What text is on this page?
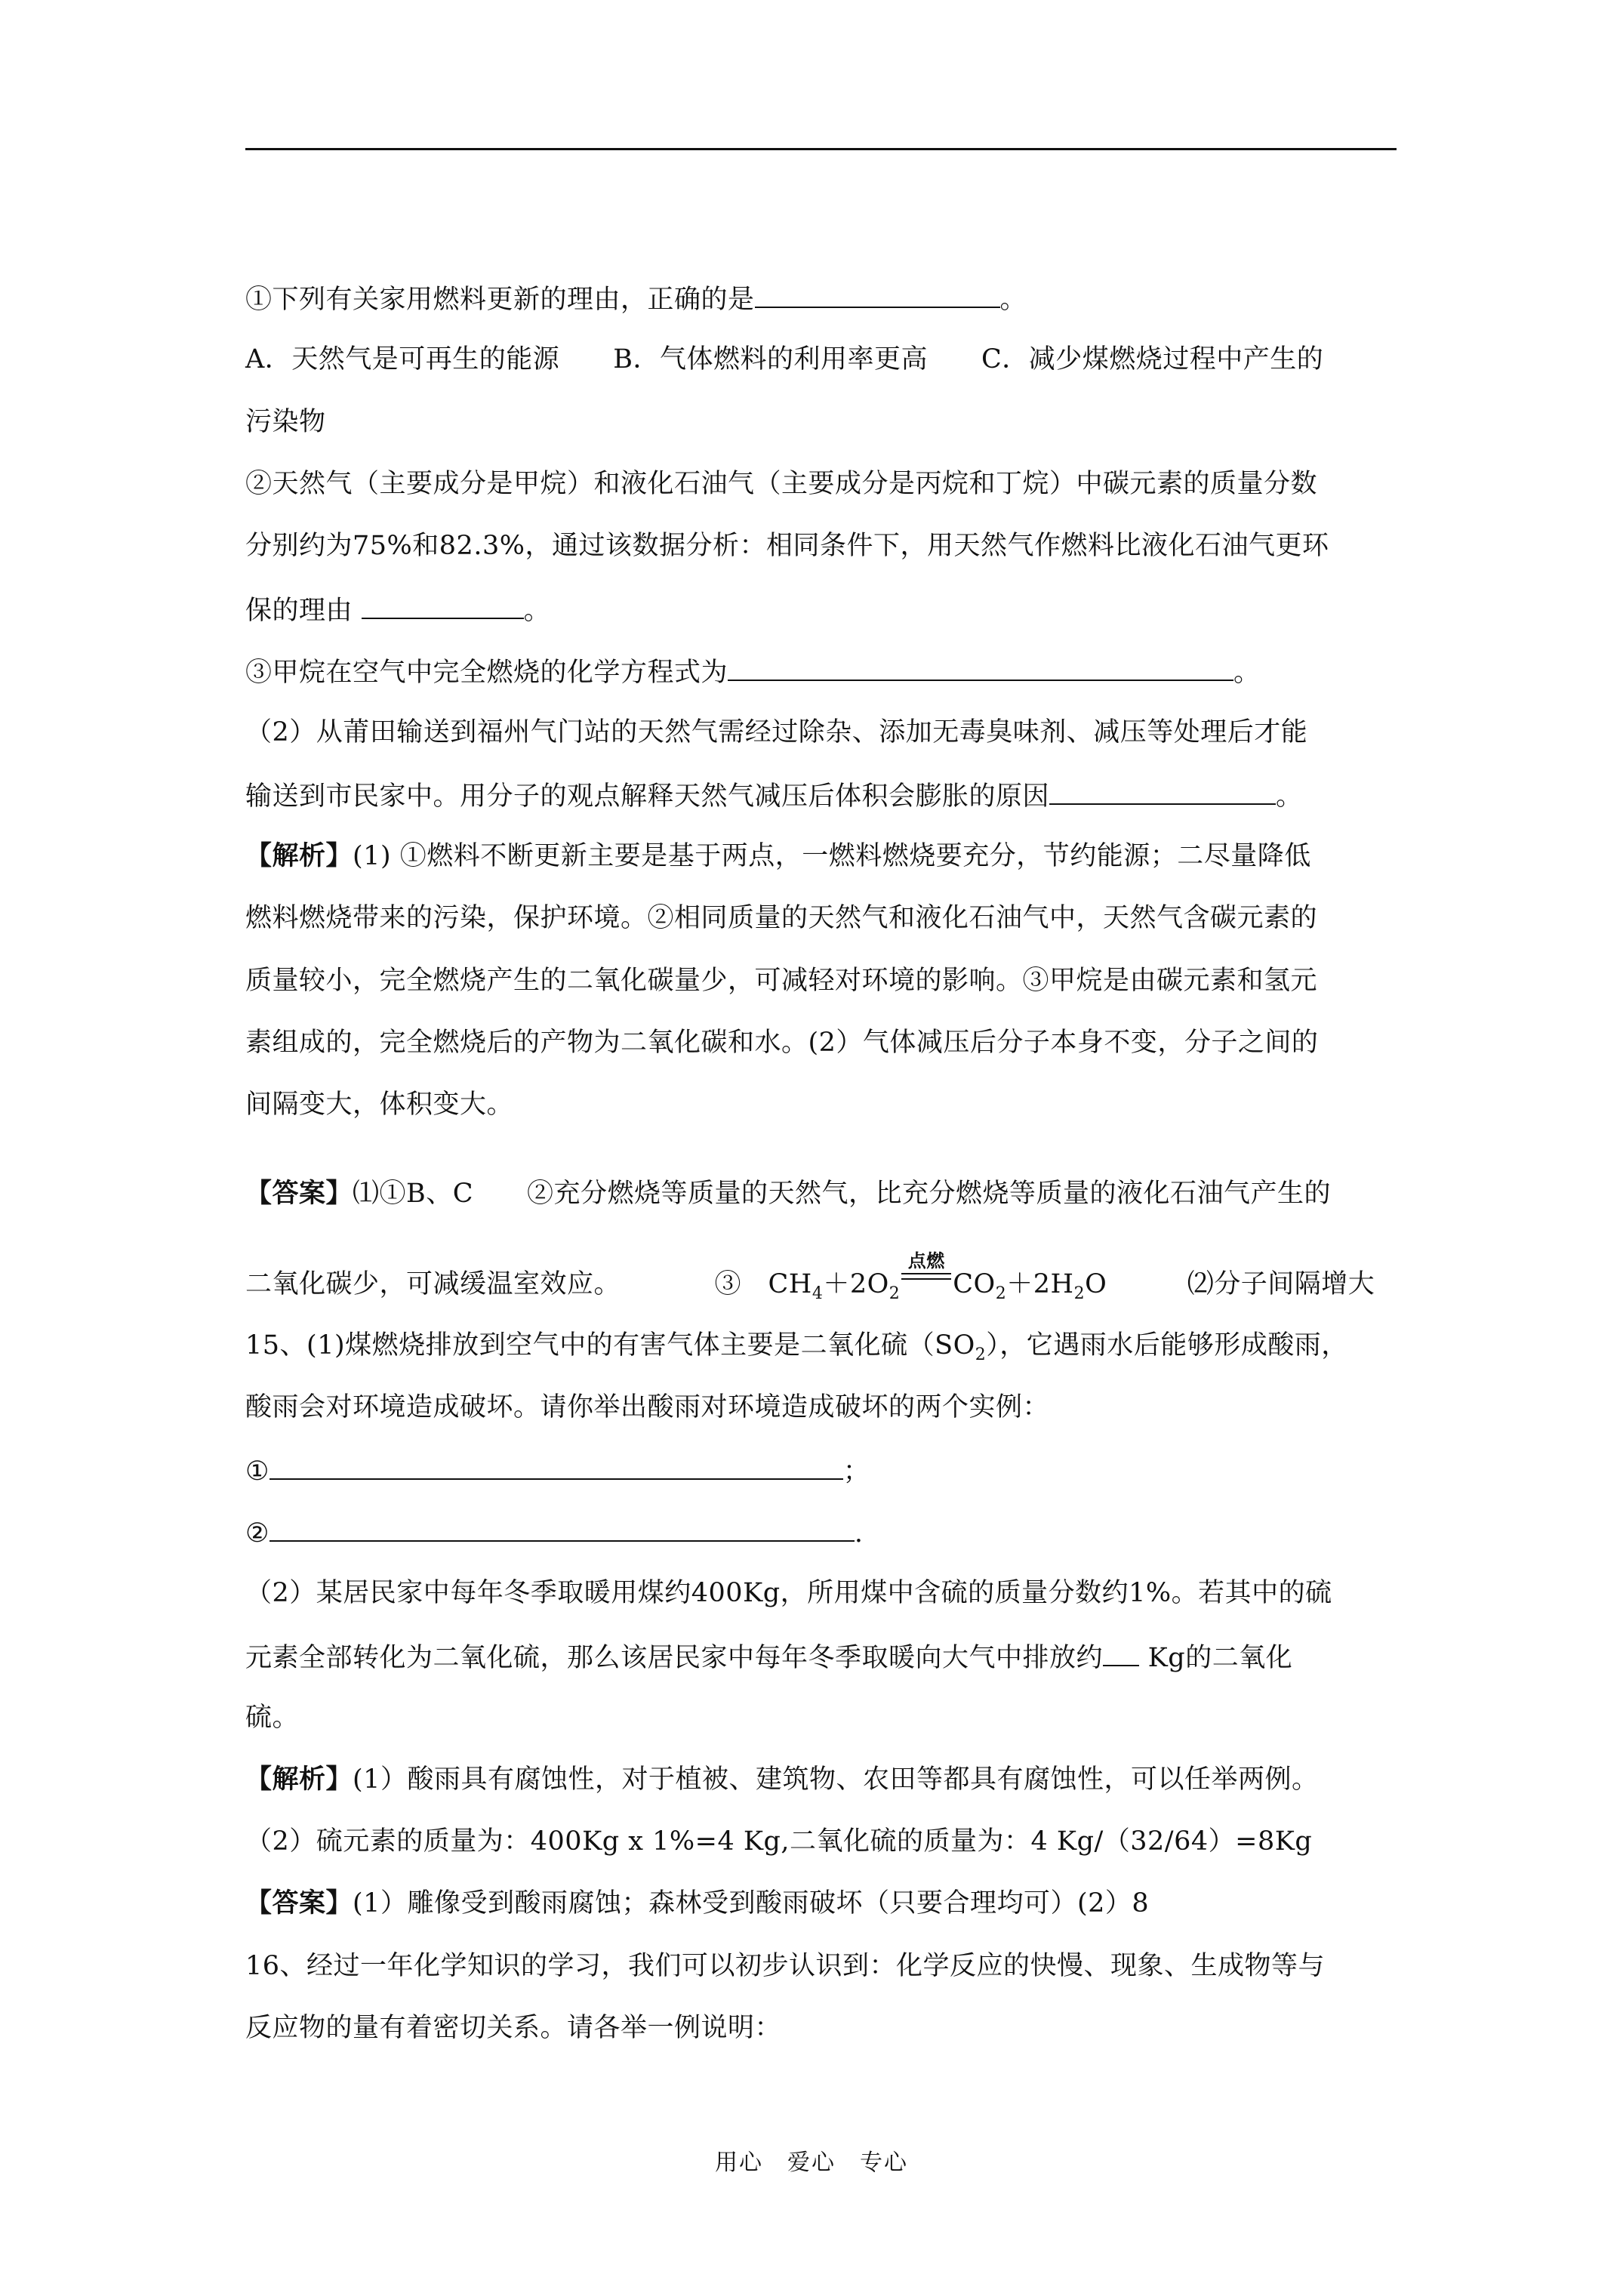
①下列有关家用燃料更新的理由，正确的是	。
A．天然气是可再生的能源　　B．气体燃料的利用率更高　　C．减少煤燃烧过程中产生的
污染物
②天然气（主要成分是甲烷）和液化石油气（主要成分是丙烷和丁烷）中碳元素的质量分数
分别约为75%和82.3%，通过该数据分析：相同条件下，用天然气作燃料比液化石油气更环
保的理由	。
③甲烷在空气中完全燃烧的化学方程式为	。
（2）从莆田输送到福州气门站的天然气需经过除杂、添加无毒臭味剂、减压等处理后才能
输送到市民家中。用分子的观点解释天然气减压后体积会膨胀的原因	。
【解析】(1) ①燃料不断更新主要是基于两点，一燃料燃烧要充分，节约能源；二尽量降低
燃料燃烧带来的污染，保护环境。②相同质量的天然气和液化石油气中，天然气含碳元素的
质量较小，完全燃烧产生的二氧化碳量少，可减轻对环境的影响。③甲烷是由碳元素和氢元
素组成的，完全燃烧后的产物为二氧化碳和水。(2）气体减压后分子本身不变，分子之间的
间隔变大，体积变大。
【答案】⑴①B、C　　②充分燃烧等质量的天然气，比充分燃烧等质量的液化石油气产生的
二氧化碳少，可减缓温室效应。　　　　③　$CH_4+2O_2$
点燃
$CO_2+2H_2O$　　　⑵分子间隔增大
15、(1)煤燃烧排放到空气中的有害气体主要是二氧化硫$(SO_2)$，它遇雨水后能够形成酸雨，
酸雨会对环境造成破坏。请你举出酸雨对环境造成破坏的两个实例：
①	；
②	.
（2）某居民家中每年冬季取暖用煤约400Kg，所用煤中含硫的质量分数约1%。若其中的硫
元素全部转化为二氧化硫，那么该居民家中每年冬季取暖向大气中排放约 Kg的二氧化
硫。
【解析】(1）酸雨具有腐蚀性，对于植被、建筑物、农田等都具有腐蚀性，可以任举两例。
（2）硫元素的质量为：400Kg x 1%=4 Kg,二氧化硫的质量为：4 Kg/（32/64）=8Kg
【答案】(1）雕像受到酸雨腐蚀；森林受到酸雨破坏（只要合理均可）(2）8
16、经过一年化学知识的学习，我们可以初步认识到：化学反应的快慢、现象、生成物等与
反应物的量有着密切关系。请各举一例说明：
用心　爱心　专心
